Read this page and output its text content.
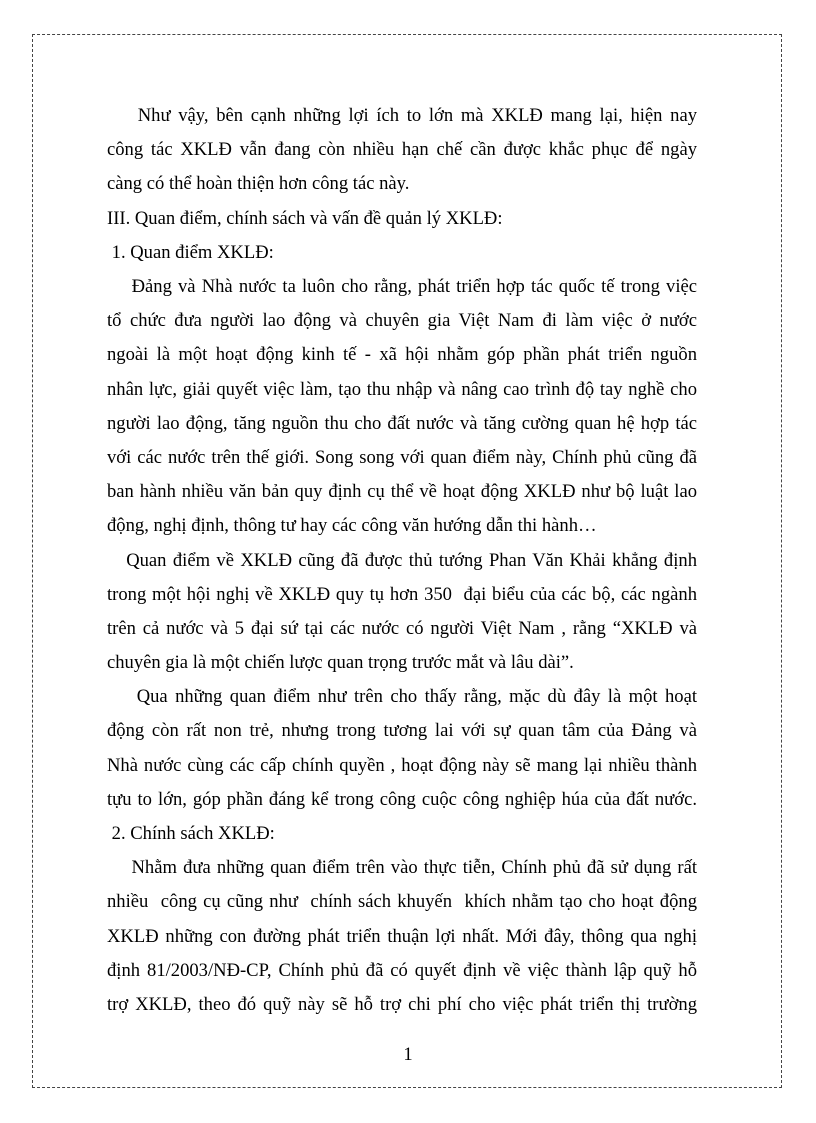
Như vậy, bên cạnh những lợi ích to lớn mà XKLĐ mang lại, hiện nay
công tác XKLĐ vẫn đang còn nhiều hạn chế cần được khắc phục để ngày
càng có thể hoàn thiện hơn công tác này.
III. Quan điểm, chính sách và vấn đề quản lý XKLĐ:
1. Quan điểm XKLĐ:
Đảng và Nhà nước ta luôn cho rằng, phát triển hợp tác quốc tế trong việc
tổ chức đưa người lao động và chuyên gia Việt Nam đi làm việc ở nước
ngoài là một hoạt động kinh tế - xã hội nhằm góp phần phát triển nguồn
nhân lực, giải quyết việc làm, tạo thu nhập và nâng cao trình độ tay nghề cho
người lao động, tăng nguồn thu cho đất nước và tăng cường quan hệ hợp tác
với các nước trên thế giới. Song song với quan điểm này, Chính phủ cũng đã
ban hành nhiều văn bản quy định cụ thể về hoạt động XKLĐ như bộ luật lao
động, nghị định, thông tư hay các công văn hướng dẫn thi hành…
Quan điểm về XKLĐ cũng đã được thủ tướng Phan Văn Khải khẳng định
trong một hội nghị về XKLĐ quy tụ hơn 350  đại biểu của các bộ, các ngành
trên cả nước và 5 đại sứ tại các nước có người Việt Nam , rằng “XKLĐ và
chuyên gia là một chiến lược quan trọng trước mắt và lâu dài”.
Qua những quan điểm như trên cho thấy rằng, mặc dù đây là một hoạt
động còn rất non trẻ, nhưng trong tương lai với sự quan tâm của Đảng và
Nhà nước cùng các cấp chính quyền , hoạt động này sẽ mang lại nhiều thành
tựu to lớn, góp phần đáng kể trong công cuộc công nghiệp húa của đất nước.
2. Chính sách XKLĐ:
Nhằm đưa những quan điểm trên vào thực tiễn, Chính phủ đã sử dụng rất
nhiều  công cụ cũng như  chính sách khuyến  khích nhằm tạo cho hoạt động
XKLĐ những con đường phát triển thuận lợi nhất. Mới đây, thông qua nghị
định 81/2003/NĐ-CP, Chính phủ đã có quyết định về việc thành lập quỹ hỗ
trợ XKLĐ, theo đó quỹ này sẽ hỗ trợ chi phí cho việc phát triển thị trường
1
